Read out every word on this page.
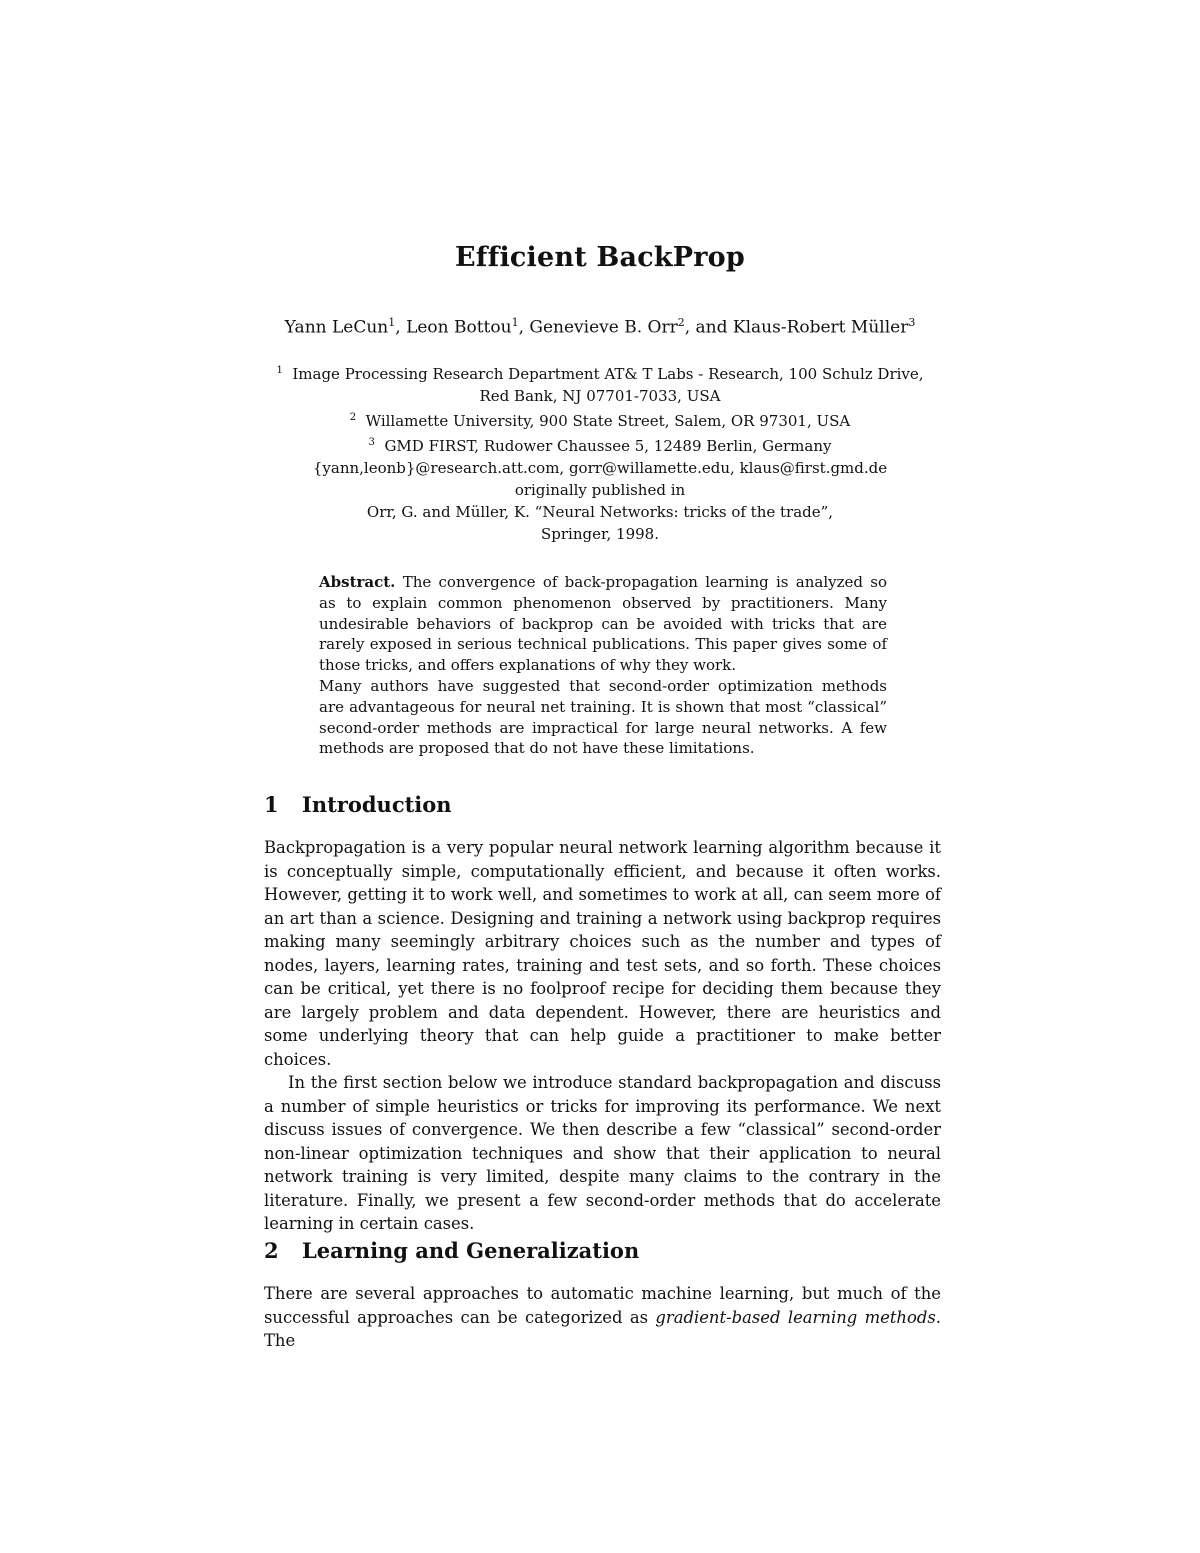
Efficient BackProp
Yann LeCun$^1$, Leon Bottou$^1$, Genevieve B. Orr$^2$, and Klaus-Robert Müller$^3$
$^1$ Image Processing Research Department AT& T Labs - Research, 100 Schulz Drive,
Red Bank, NJ 07701-7033, USA
$^2$ Willamette University, 900 State Street, Salem, OR 97301, USA
$^3$ GMD FIRST, Rudower Chaussee 5, 12489 Berlin, Germany
{yann,leonb}@research.att.com, gorr@willamette.edu, klaus@first.gmd.de
originally published in
Orr, G. and Müller, K. “Neural Networks: tricks of the trade”,
Springer, 1998.

Abstract. The convergence of back-propagation learning is analyzed so as to explain common phenomenon observed by practitioners. Many undesirable behaviors of backprop can be avoided with tricks that are rarely exposed in serious technical publications. This paper gives some of those tricks, and offers explanations of why they work.

Many authors have suggested that second-order optimization methods are advantageous for neural net training. It is shown that most “classical” second-order methods are impractical for large neural networks. A few methods are proposed that do not have these limitations.

1 Introduction

Backpropagation is a very popular neural network learning algorithm because it is conceptually simple, computationally efficient, and because it often works. However, getting it to work well, and sometimes to work at all, can seem more of an art than a science. Designing and training a network using backprop requires making many seemingly arbitrary choices such as the number and types of nodes, layers, learning rates, training and test sets, and so forth. These choices can be critical, yet there is no foolproof recipe for deciding them because they are largely problem and data dependent. However, there are heuristics and some underlying theory that can help guide a practitioner to make better choices.

In the first section below we introduce standard backpropagation and discuss a number of simple heuristics or tricks for improving its performance. We next discuss issues of convergence. We then describe a few “classical” second-order non-linear optimization techniques and show that their application to neural network training is very limited, despite many claims to the contrary in the literature. Finally, we present a few second-order methods that do accelerate learning in certain cases.

2 Learning and Generalization

There are several approaches to automatic machine learning, but much of the successful approaches can be categorized as gradient-based learning methods. The
